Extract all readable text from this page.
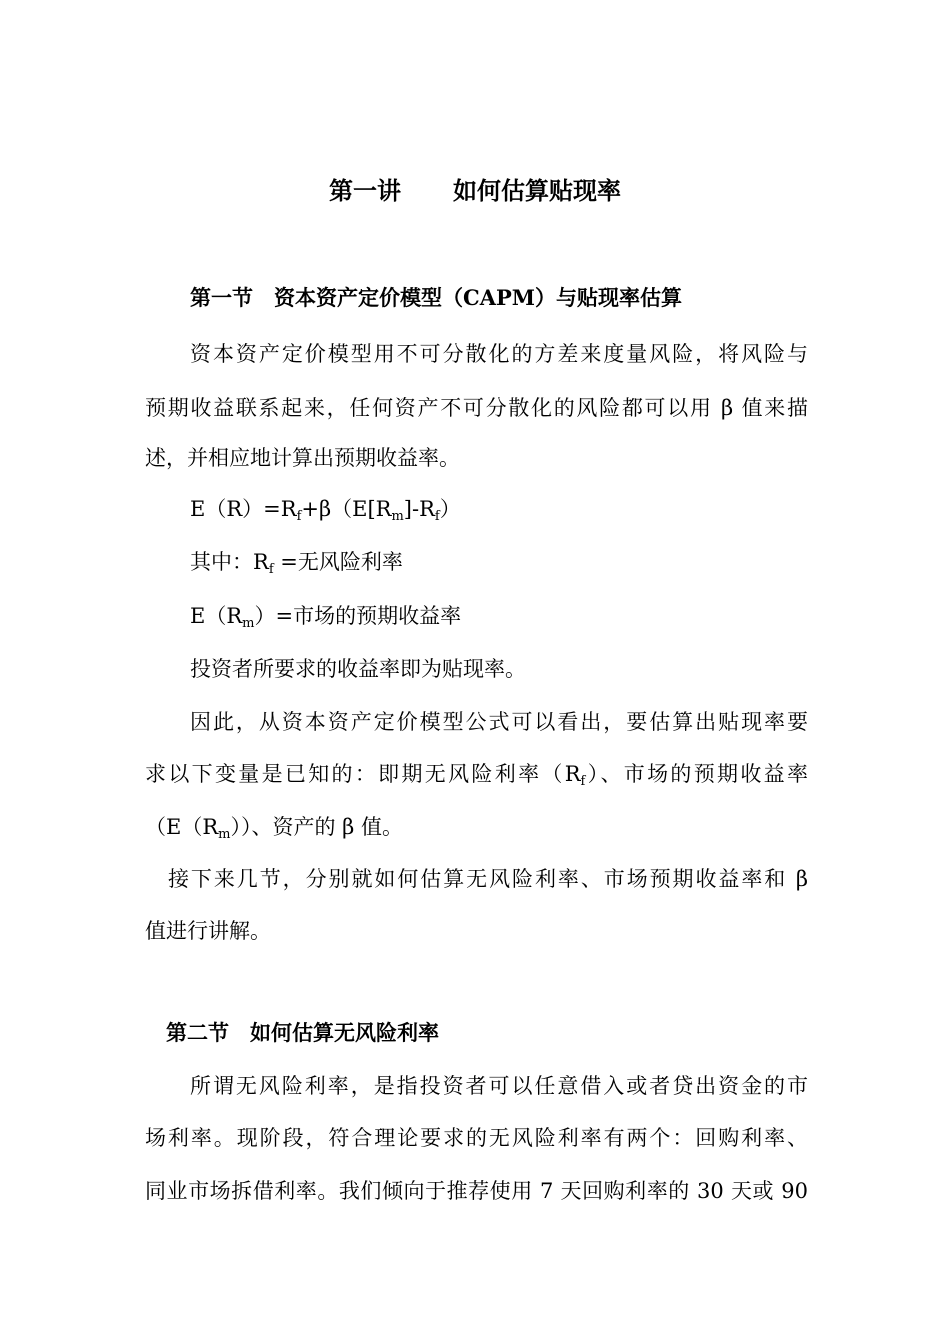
第一讲 如何估算贴现率
第一节　资本资产定价模型（CAPM）与贴现率估算
资本资产定价模型用不可分散化的方差来度量风险，将风险与
预期收益联系起来，任何资产不可分散化的风险都可以用 β 值来描
述，并相应地计算出预期收益率。
$E(R)=R_f+\beta(E[R_m]-R_f)$
其中：$R_f$ =无风险利率
$E(R_m)=$市场的预期收益率
投资者所要求的收益率即为贴现率。
因此，从资本资产定价模型公式可以看出，要估算出贴现率要
求以下变量是已知的：即期无风险利率$(R_f)$、市场的预期收益率
$(E(R_m))$、资产的 β 值。
接下来几节，分别就如何估算无风险利率、市场预期收益率和 β
值进行讲解。
第二节　如何估算无风险利率
所谓无风险利率，是指投资者可以任意借入或者贷出资金的市
场利率。现阶段，符合理论要求的无风险利率有两个：回购利率、
同业市场拆借利率。我们倾向于推荐使用 7 天回购利率的 30 天或 90
